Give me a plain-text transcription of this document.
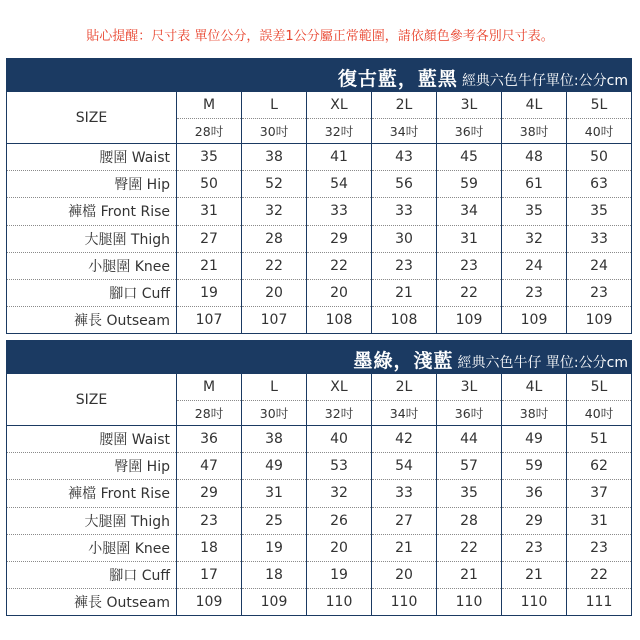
貼心提醒：尺寸表 單位公分，誤差1公分屬正常範圍，請依顏色參考各別尺寸表。
復古藍，藍黑 經典六色牛仔單位:公分cm
SIZE	M	L	XL	2L	3L	4L	5L
	28吋	30吋	32吋	34吋	36吋	38吋	40吋
腰圍 Waist	35	38	41	43	45	48	50
臀圍 Hip	50	52	54	56	59	61	63
褲檔 Front Rise	31	32	33	33	34	35	35
大腿圍 Thigh	27	28	29	30	31	32	33
小腿圍 Knee	21	22	22	23	23	24	24
腳口 Cuff	19	20	20	21	22	23	23
褲長 Outseam	107	107	108	108	109	109	109
墨綠，淺藍 經典六色牛仔 單位:公分cm
SIZE	M	L	XL	2L	3L	4L	5L
	28吋	30吋	32吋	34吋	36吋	38吋	40吋
腰圍 Waist	36	38	40	42	44	49	51
臀圍 Hip	47	49	53	54	57	59	62
褲檔 Front Rise	29	31	32	33	35	36	37
大腿圍 Thigh	23	25	26	27	28	29	31
小腿圍 Knee	18	19	20	21	22	23	23
腳口 Cuff	17	18	19	20	21	21	22
褲長 Outseam	109	109	110	110	110	110	111
